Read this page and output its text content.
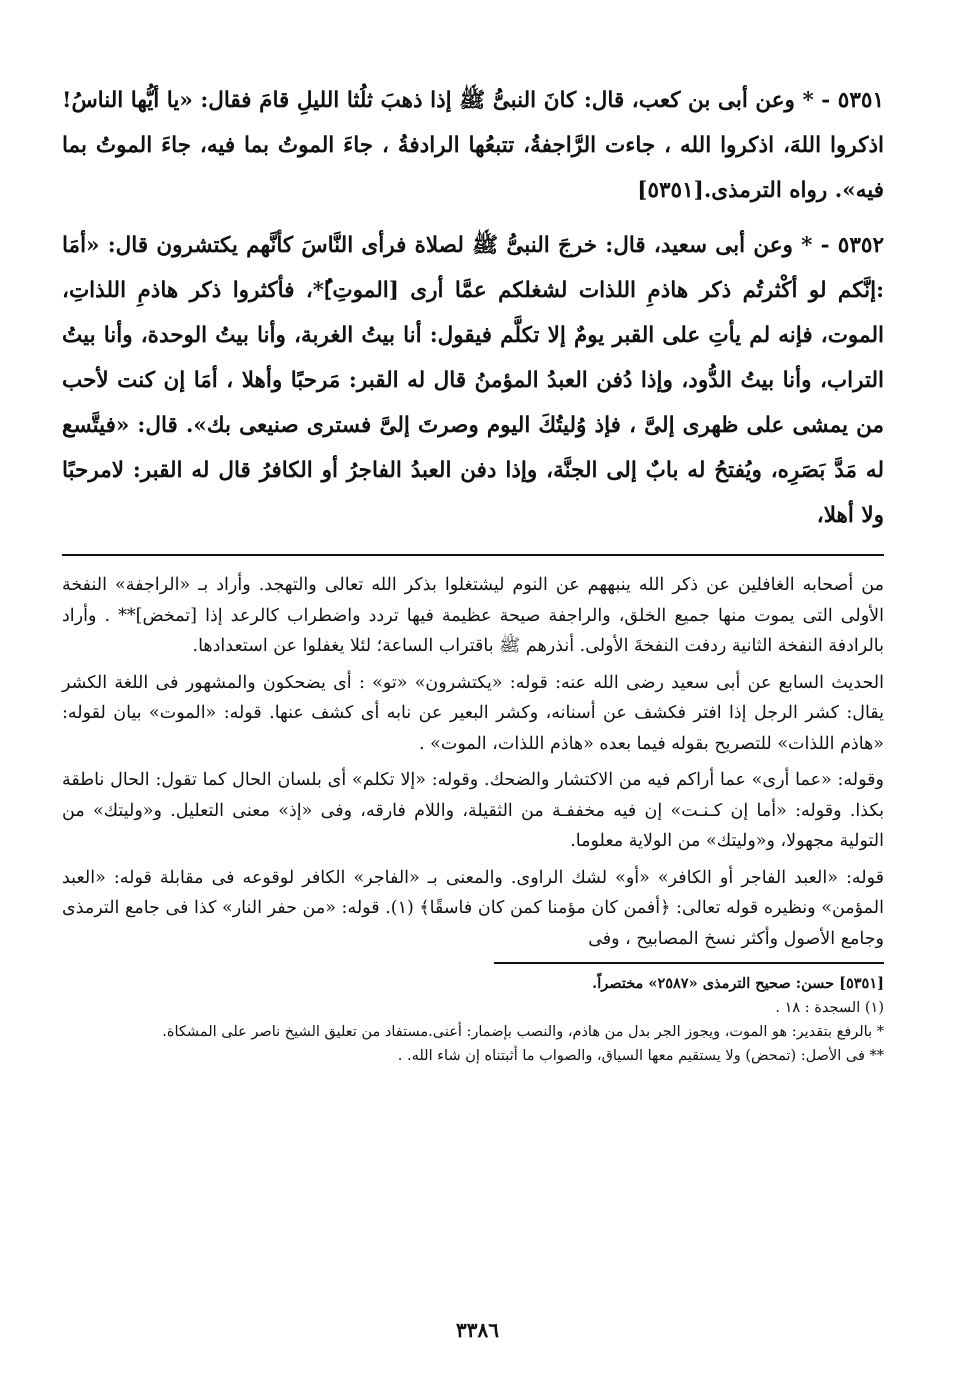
٥٣٥١ - * وعن أبى بن كعب، قال: كانَ النبىُّ ﷺ إذا ذهبَ ثلُثا الليلِ قامَ فقال: «يا أيُّها الناسُ! اذكروا اللهَ، اذكروا الله ، جاءت الرَّاجفةُ، تتبعُها الرادفةُ ، جاءَ الموتُ بما فيه، جاءَ الموتُ بما فيه». رواه الترمذى.[٥٣٥١]

٥٣٥٢ - * وعن أبى سعيد، قال: خرجَ النبىُّ ﷺ لصلاة فرأى النَّاسَ كأنَّهم يكتشرون قال: «أمَا :إنَّكم لو أكْثرتُم ذكر هاذمِ اللذات لشغلكم عمَّا أرى [الموتِ]ُ*، فأكثروا ذكر هاذمِ اللذاتِ، الموت، فإنه لم يأتِ على القبر يومٌ إلا تكلَّم فيقول: أنا بيتُ الغربة، وأنا بيتُ الوحدة، وأنا بيتُ التراب، وأنا بيتُ الدُّود، وإذا دُفن العبدُ المؤمنُ قال له القبر: مَرحبًا وأهلا ، أمَا إن كنت لأحب من يمشى على ظهرى إلىَّ ، فإذ وُليتُكَ اليوم وصرتَ إلىَّ فسترى صنيعى بك». قال: «فيتَّسع له مَدَّ بَصَرِه، ويُفتحُ له بابٌ إلى الجنَّة، وإذا دفن العبدُ الفاجرُ أو الكافرُ قال له القبر: لامرحبًا ولا أهلا،

من أصحابه الغافلين عن ذكر الله ينبههم عن النوم ليشتغلوا بذكر الله تعالى والتهجد. وأراد بـ «الراجفة» النفخة الأولى التى يموت منها جميع الخلق، والراجفة صيحة عظيمة فيها تردد واضطراب كالرعد إذا [تمخض]** . وأراد بالرادفة النفخة الثانية ردفت النفخةَ الأولى. أنذرهم ﷺ باقتراب الساعة؛ لئلا يغفلوا عن استعدادها.

الحديث السابع عن أبى سعيد رضى الله عنه: قوله: «يكتشرون» «تو» : أى يضحكون والمشهور فى اللغة الكشر يقال: كشر الرجل إذا افتر فكشف عن أسنانه، وكشر البعير عن نابه أى كشف عنها. قوله: «الموت» بيان لقوله: «هاذم اللذات» للتصريح بقوله فيما بعده «هاذم اللذات، الموت» .

وقوله: «عما أرى» عما أراكم فيه من الاكتشار والضحك. وقوله: «إلا تكلم» أى بلسان الحال كما تقول: الحال ناطقة بكذا. وقوله: «أما إن كـنـت» إن فيه مخففـة من الثقيلة، واللام فارقه، وفى «إذ» معنى التعليل. و«وليتك» من التولية مجهولا، و«وليتك» من الولاية معلوما.

قوله: «العبد الفاجر أو الكافر» «أو» لشك الراوى. والمعنى بـ «الفاجر» الكافر لوقوعه فى مقابلة قوله: «العبد المؤمن» ونظيره قوله تعالى: ﴿أفمن كان مؤمنا كمن كان فاسقًا﴾ (١). قوله: «من حفر النار» كذا فى جامع الترمذى وجامع الأصول وأكثر نسخ المصابيح ، وفى

[٥٣٥١] حسن: صحيح الترمذى «٢٥٨٧» مختصراً.

(١) السجدة : ١٨ .

* بالرفع بتقدير: هو الموت، ويجوز الجر بدل من هاذم، والنصب بإضمار: أعنى.مستفاد من تعليق الشيخ ناصر على المشكاة.

** فى الأصل: (تمحض) ولا يستقيم معها السياق، والصواب ما أثبتناه إن شاء الله. .

٣٣٨٦
